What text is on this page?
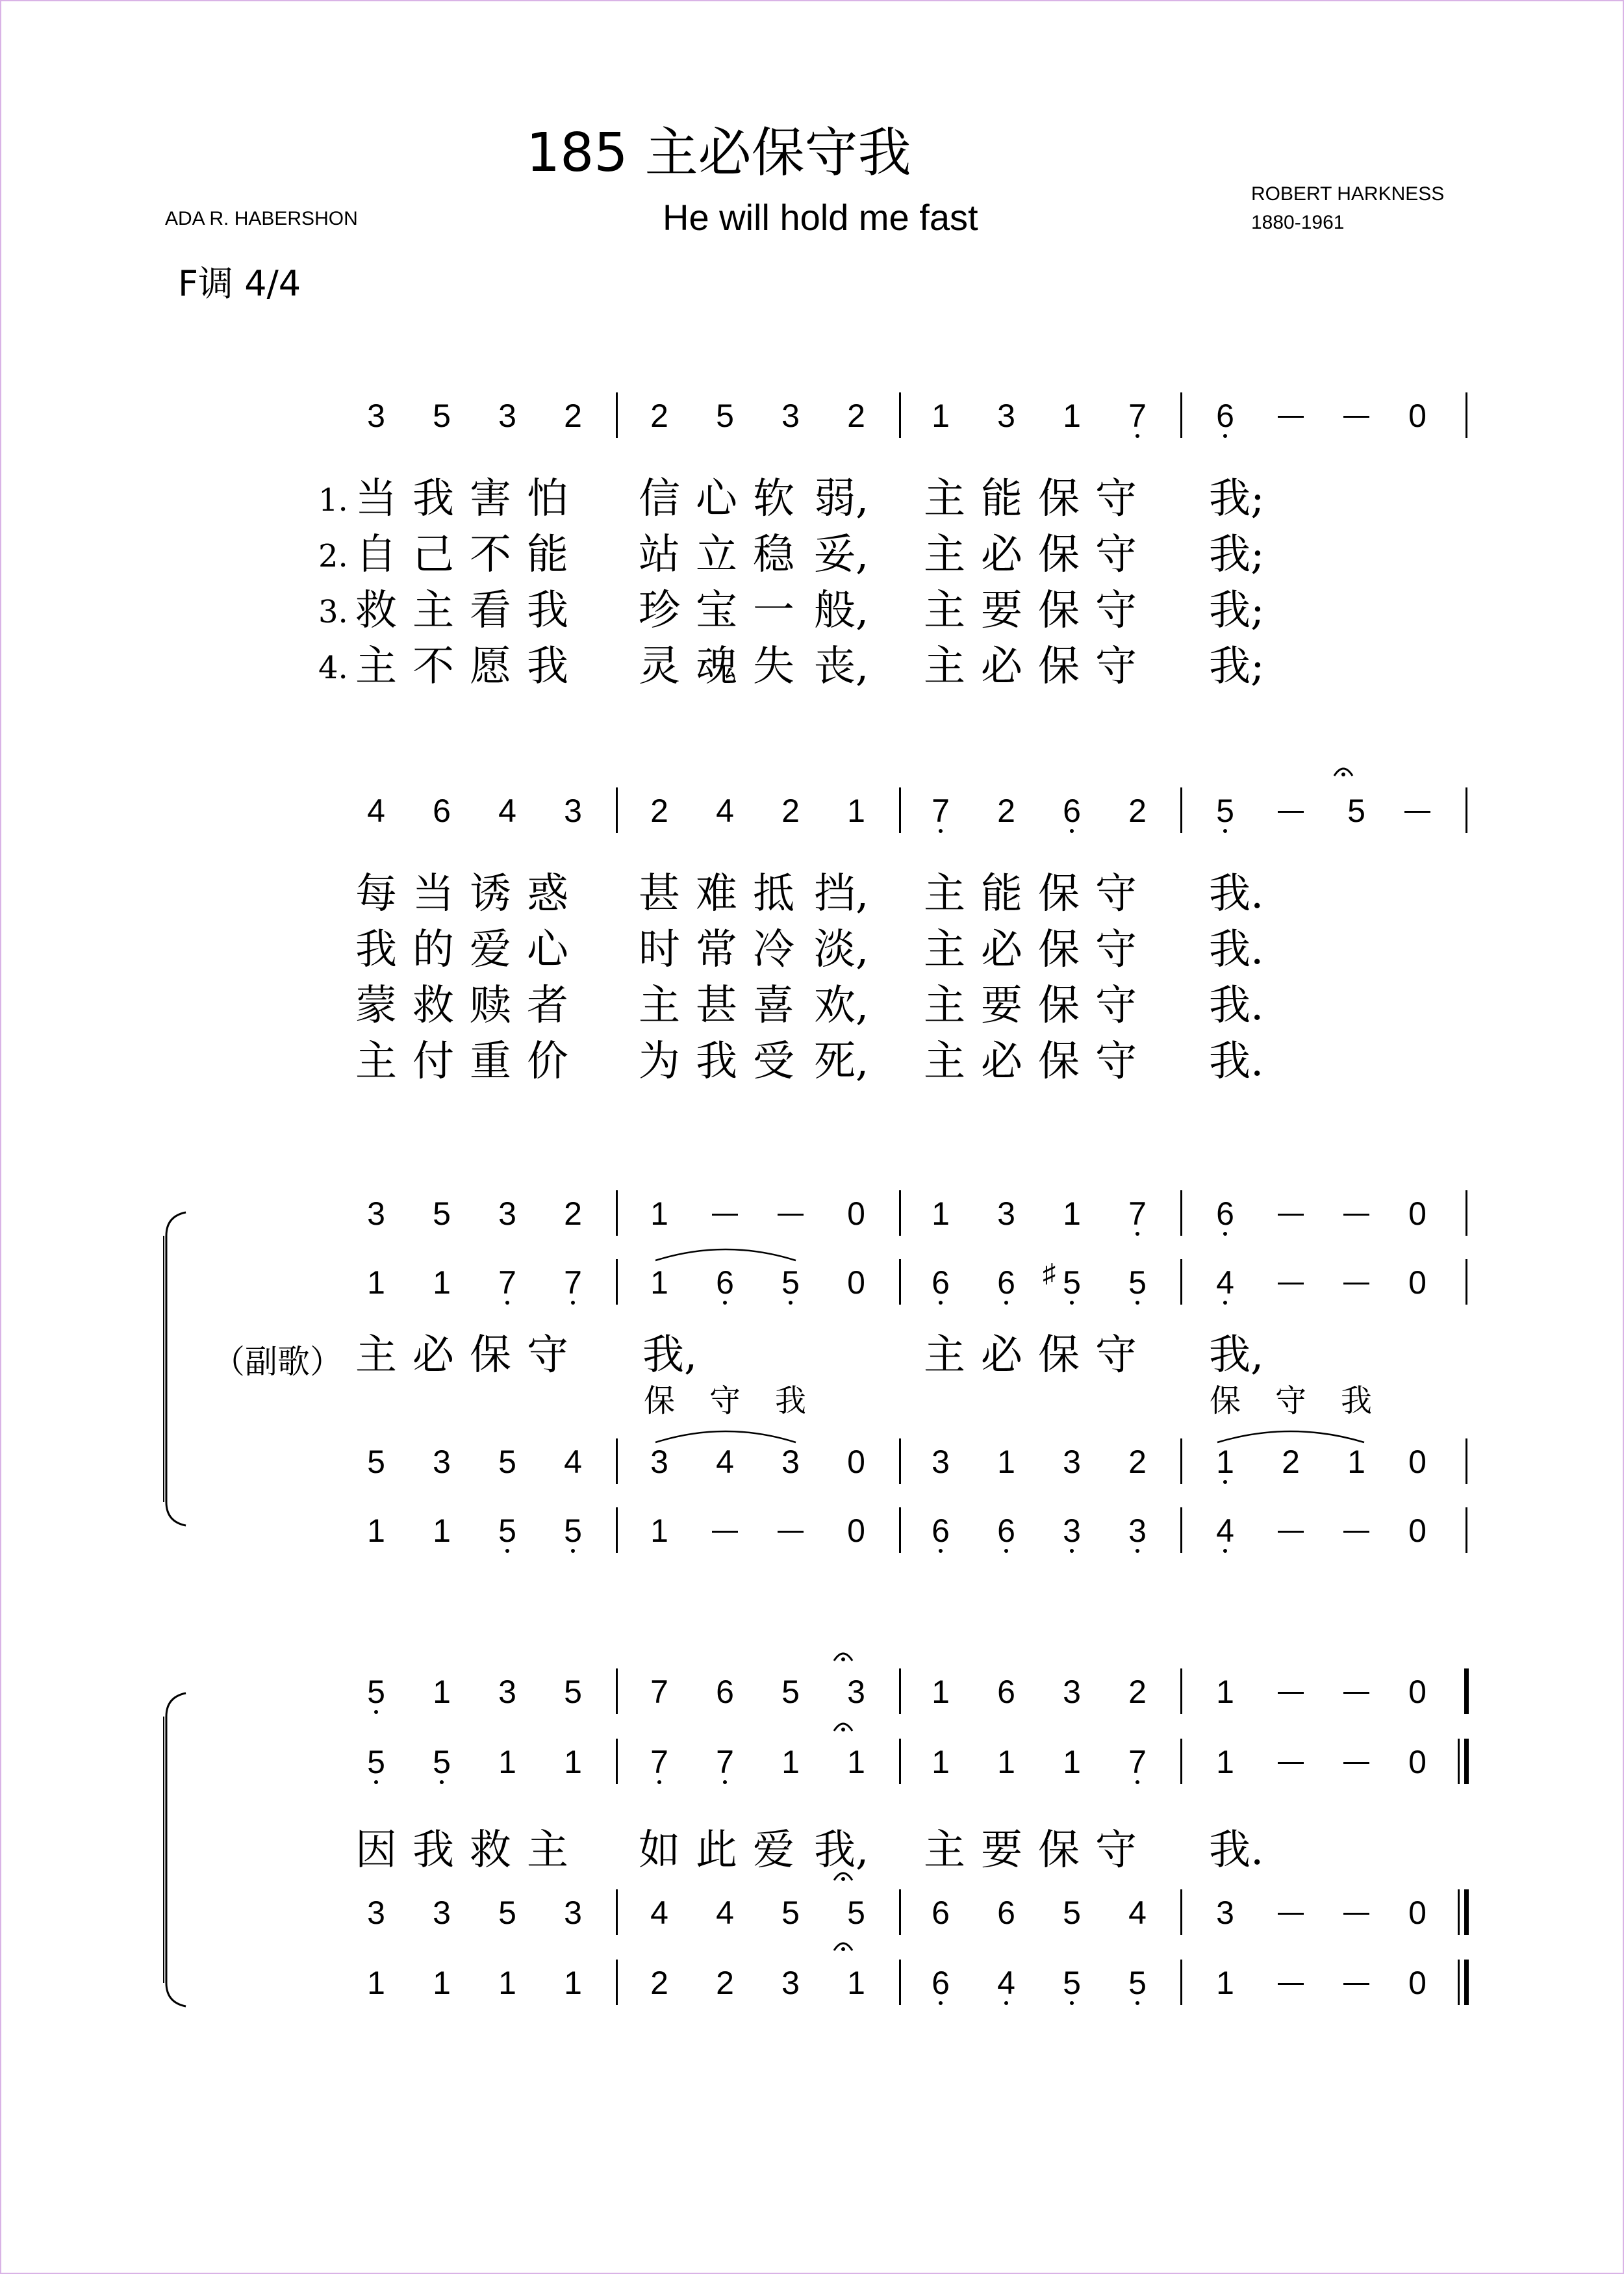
185 主必保守我
He will hold me fast
ADA R. HABERSHON
ROBERT HARKNESS
1880-1961
F调 4/4
（副歌）
3 5 3 2 2 5 3 2 1 3 1 7 6	0
1. 当 我 害 怕 信 心 软 弱, 主 能 保 守 我;
2. 自 己 不 能 站 立 稳 妥, 主 必 保 守 我;
3. 救 主 看 我 珍 宝 一 般, 主 要 保 守 我;
4. 主 不 愿 我 灵 魂 失 丧, 主 必 保 守 我;
4 6 4 3 2 4 2 1 7 2 6 2 5	5
每 当 诱 惑 甚 难 抵 挡, 主 能 保 守 我.
我 的 爱 心 时 常 冷 淡, 主 必 保 守 我.
蒙 救 赎 者 主 甚 喜 欢, 主 要 保 守 我.
主 付 重 价 为 我 受 死, 主 必 保 守 我.
3 5 3 2 1	0 1 3 1 7 6	0
1 1 7 7 1 6 5 0 6 6 5
♯ 5 4	0
主 必 保 守 我,	主 必 保 守 我,
保 守 我	保 守 我
5 3 5 4 3 4 3 0 3 1 3 2 1 2 1 0
1 1 5 5 1	0 6 6 3 3 4	0
5 1 3 5 7 6 5 3 1 6 3 2 1	0
5 5 1 1 7 7 1 1 1 1 1 7 1	0
因 我 救 主 如 此 爱 我, 主 要 保 守 我.
3 3 5 3 4 4 5 5 6 6 5 4 3	0
1 1 1 1 2 2 3 1 6 4 5 5 1	0
